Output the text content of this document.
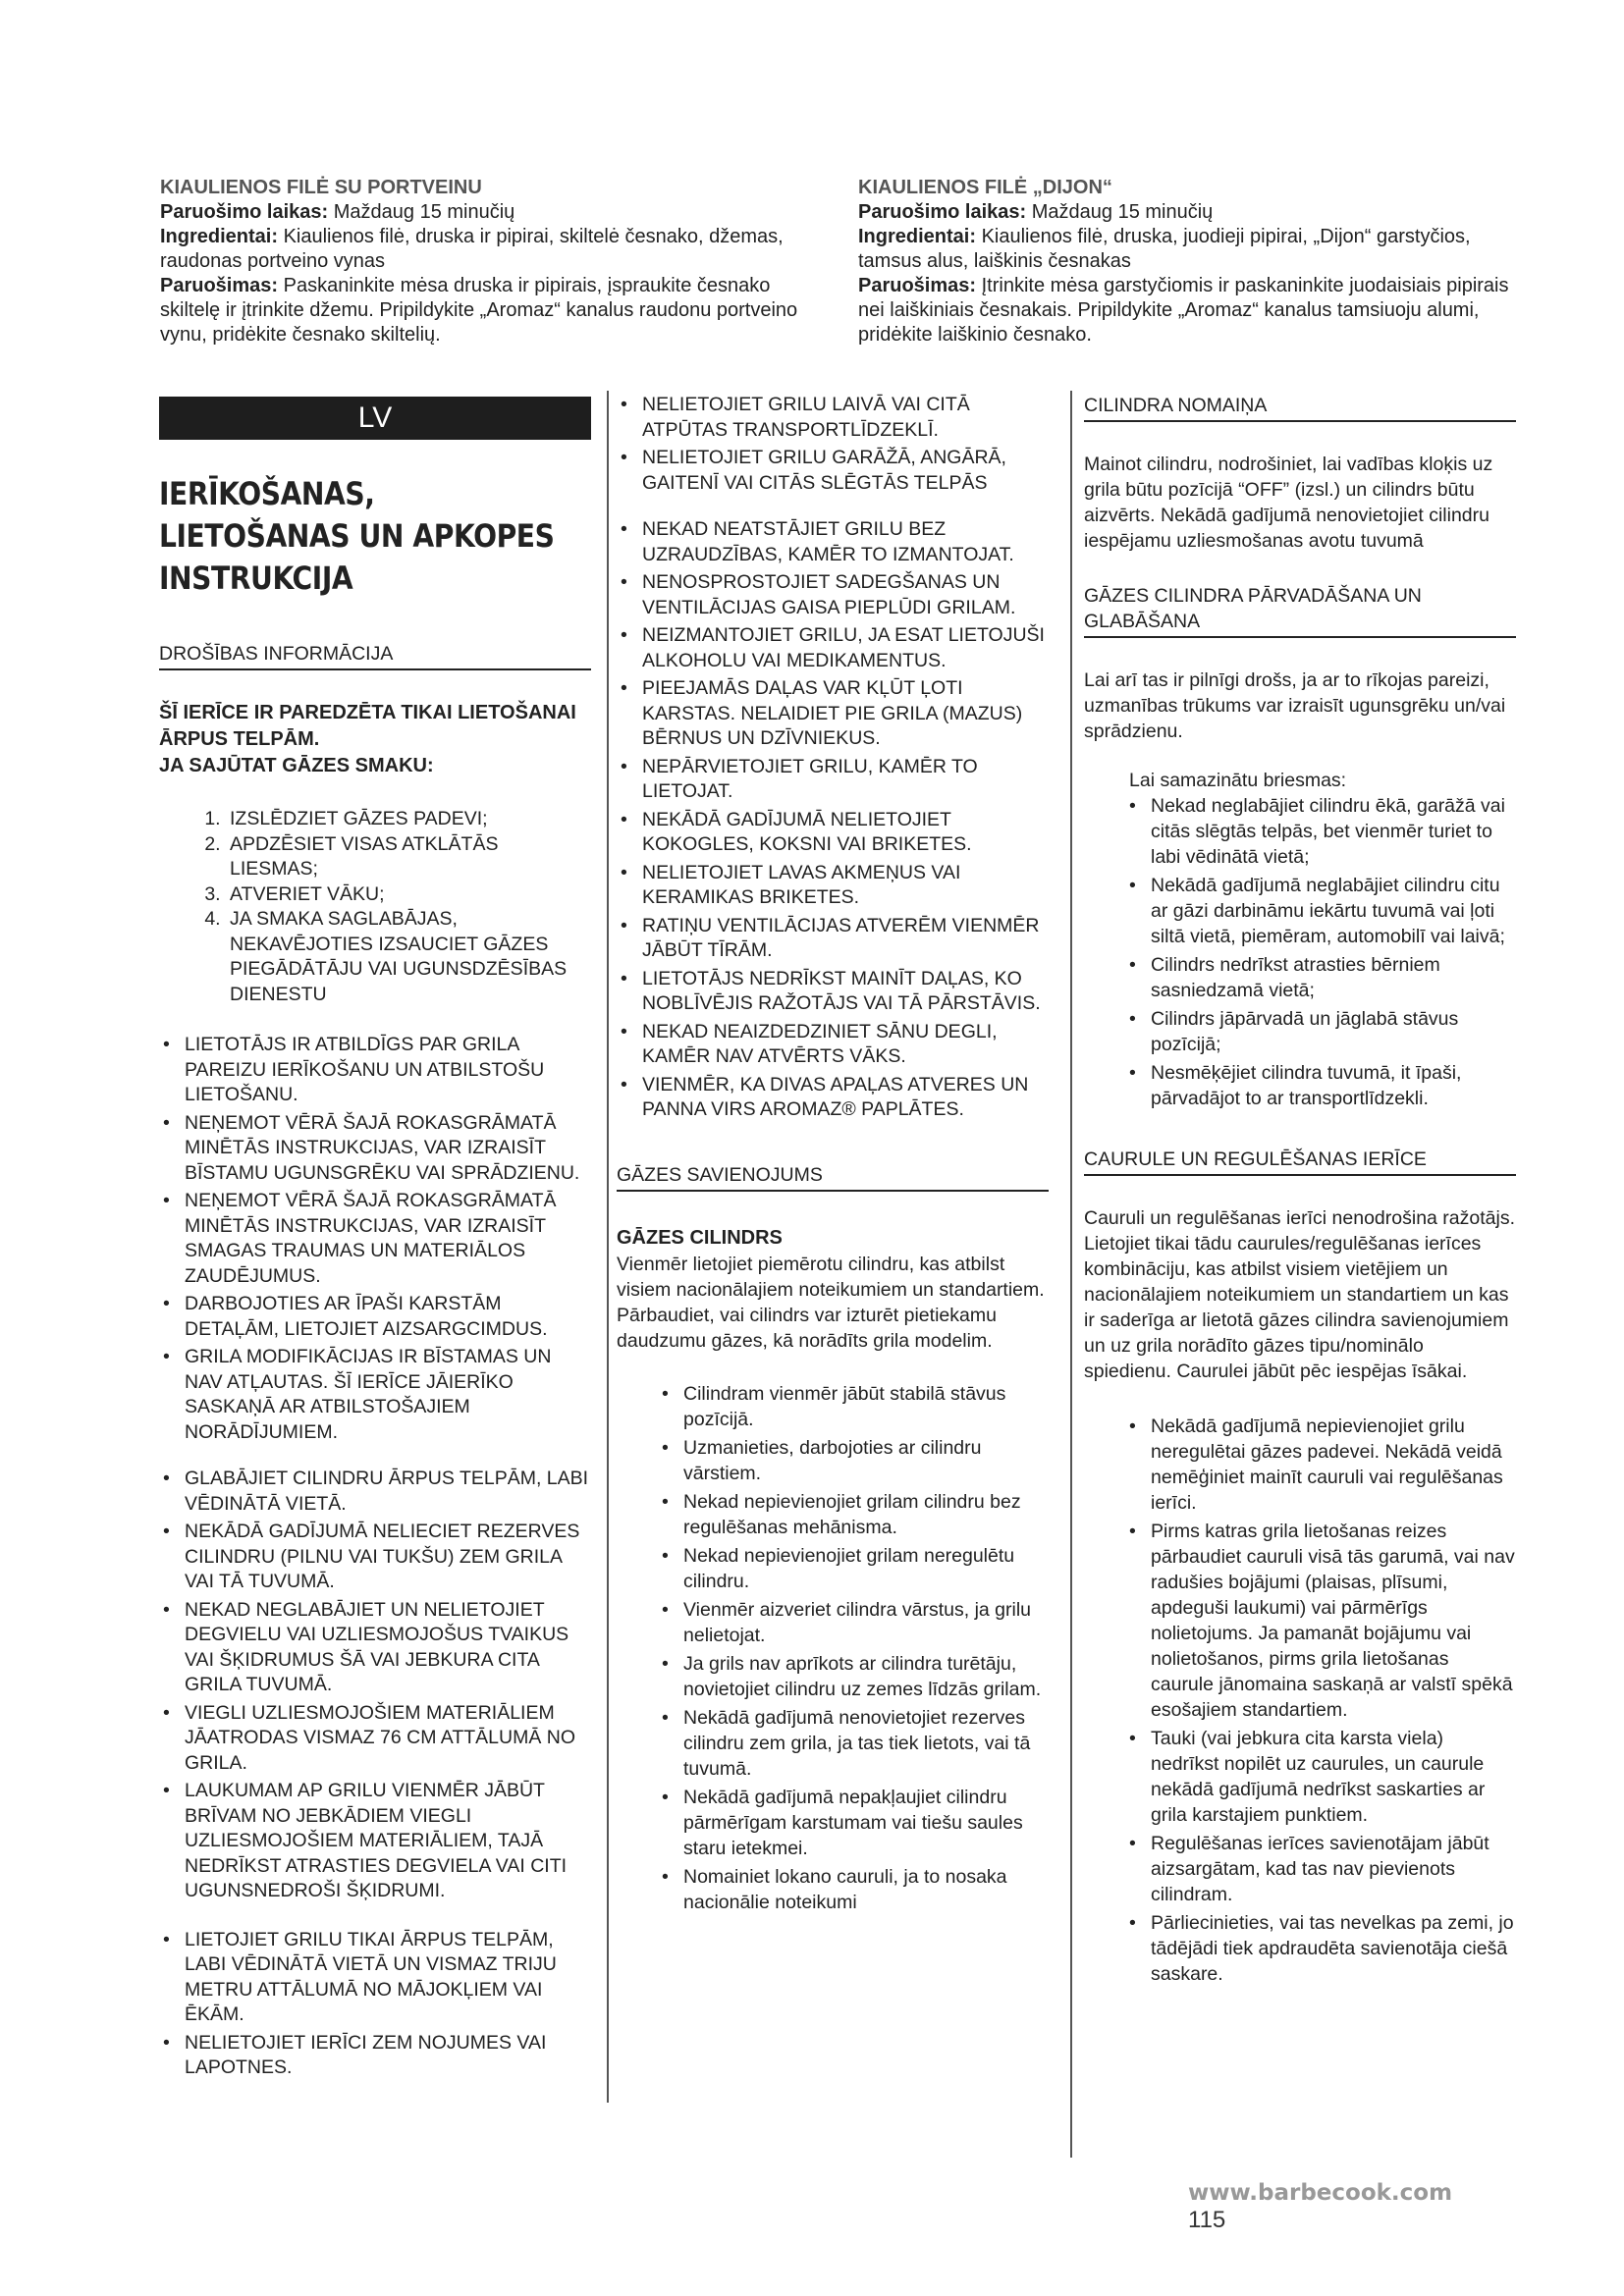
KIAULIENOS FILĖ SU PORTVEINU

Paruošimo laikas: Maždaug 15 minučių

Ingredientai: Kiaulienos filė, druska ir pipirai, skiltelė česnako, džemas, raudonas portveino vynas

Paruošimas: Paskaninkite mėsa druska ir pipirais, įspraukite česnako skiltelę ir įtrinkite džemu. Pripildykite „Aromaz“ kanalus raudonu portveino vynu, pridėkite česnako skiltelių.

KIAULIENOS FILĖ „DIJON“

Paruošimo laikas: Maždaug 15 minučių

Ingredientai: Kiaulienos filė, druska, juodieji pipirai, „Dijon“ garstyčios, tamsus alus, laiškinis česnakas

Paruošimas: Įtrinkite mėsa garstyčiomis ir paskaninkite juodaisiais pipirais nei laiškiniais česnakais. Pripildykite „Aromaz“ kanalus tamsiuoju alumi, pridėkite laiškinio česnako.

LV
IERĪKOŠANAS, LIETOŠANAS UN APKOPES INSTRUKCIJA
DROŠĪBAS INFORMĀCIJA
ŠĪ IERĪCE IR PAREDZĒTA TIKAI LIETOŠANAI ĀRPUS TELPĀM.
JA SAJŪTAT GĀZES SMAKU:
1. IZSLĒDZIET GĀZES PADEVI;
2. APDZĒSIET VISAS ATKLĀTĀS LIESMAS;
3. ATVERIET VĀKU;
4. JA SMAKA SAGLABĀJAS, NEKAVĒJOTIES IZSAUCIET GĀZES PIEGĀDĀTĀJU VAI UGUNSDZĒSĪBAS DIENESTU
• LIETOTĀJS IR ATBILDĪGS PAR GRILA PAREIZU IERĪKOŠANU UN ATBILSTOŠU LIETOŠANU.
• NEŅEMOT VĒRĀ ŠAJĀ ROKASGRĀMATĀ MINĒTĀS INSTRUKCIJAS, VAR IZRAISĪT BĪSTAMU UGUNSGRĒKU VAI SPRĀDZIENU.
• NEŅEMOT VĒRĀ ŠAJĀ ROKASGRĀMATĀ MINĒTĀS INSTRUKCIJAS, VAR IZRAISĪT SMAGAS TRAUMAS UN MATERIĀLOS ZAUDĒJUMUS.
• DARBOJOTIES AR ĪPAŠI KARSTĀM DETAĻĀM, LIETOJIET AIZSARGCIMDUS.
• GRILA MODIFIKĀCIJAS IR BĪSTAMAS UN NAV ATĻAUTAS. ŠĪ IERĪCE JĀIERĪKO SASKAŅĀ AR ATBILSTOŠAJIEM NORĀDĪJUMIEM.
• GLABĀJIET CILINDRU ĀRPUS TELPĀM, LABI VĒDINĀTĀ VIETĀ.
• NEKĀDĀ GADĪJUMĀ NELIECIET REZERVES CILINDRU (PILNU VAI TUKŠU) ZEM GRILA VAI TĀ TUVUMĀ.
• NEKAD NEGLABĀJIET UN NELIETOJIET DEGVIELU VAI UZLIESMOJOŠUS TVAIKUS VAI ŠĶIDRUMUS ŠĀ VAI JEBKURA CITA GRILA TUVUMĀ.
• VIEGLI UZLIESMOJOŠIEM MATERIĀLIEM JĀATRODAS VISMAZ 76 CM ATTĀLUMĀ NO GRILA.
• LAUKUMAM AP GRILU VIENMĒR JĀBŪT BRĪVAM NO JEBKĀDIEM VIEGLI UZLIESMOJOŠIEM MATERIĀLIEM, TAJĀ NEDRĪKST ATRASTIES DEGVIELA VAI CITI UGUNSNEDROŠI ŠĶIDRUMI.
• LIETOJIET GRILU TIKAI ĀRPUS TELPĀM, LABI VĒDINĀTĀ VIETĀ UN VISMAZ TRIJU METRU ATTĀLUMĀ NO MĀJOKĻIEM VAI ĒKĀM.
• NELIETOJIET IERĪCI ZEM NOJUMES VAI LAPOTNES.
• NELIETOJIET GRILU LAIVĀ VAI CITĀ ATPŪTAS TRANSPORTLĪDZEKLĪ.
• NELIETOJIET GRILU GARĀŽĀ, ANGĀRĀ, GAITENĪ VAI CITĀS SLĒGTĀS TELPĀS
• NEKAD NEATSTĀJIET GRILU BEZ UZRAUDZĪBAS, KAMĒR TO IZMANTOJAT.
• NENOSPROSTOJIET SADEGŠANAS UN VENTILĀCIJAS GAISA PIEPLŪDI GRILAM.
• NEIZMANTOJIET GRILU, JA ESAT LIETOJUŠI ALKOHOLU VAI MEDIKAMENTUS.
• PIEEJAMĀS DAĻAS VAR KĻŪT ĻOTI KARSTAS. NELAIDIET PIE GRILA (MAZUS) BĒRNUS UN DZĪVNIEKUS.
• NEPĀRVIETOJIET GRILU, KAMĒR TO LIETOJAT.
• NEKĀDĀ GADĪJUMĀ NELIETOJIET KOKOGLES, KOKSNI VAI BRIKETES.
• NELIETOJIET LAVAS AKMEŅUS VAI KERAMIKAS BRIKETES.
• RATIŅU VENTILĀCIJAS ATVERĒM VIENMĒR JĀBŪT TĪRĀM.
• LIETOTĀJS NEDRĪKST MAINĪT DAĻAS, KO NOBLĪVĒJIS RAŽOTĀJS VAI TĀ PĀRSTĀVIS.
• NEKAD NEAIZDEDZINIET SĀNU DEGLI, KAMĒR NAV ATVĒRTS VĀKS.
• VIENMĒR, KA DIVAS APAĻAS ATVERES UN PANNA VIRS AROMAZ® PAPLĀTES.
GĀZES SAVIENOJUMS
GĀZES CILINDRS
Vienmēr lietojiet piemērotu cilindru, kas atbilst visiem nacionālajiem noteikumiem un standartiem. Pārbaudiet, vai cilindrs var izturēt pietiekamu daudzumu gāzes, kā norādīts grila modelim.
• Cilindram vienmēr jābūt stabilā stāvus pozīcijā.
• Uzmanieties, darbojoties ar cilindru vārstiem.
• Nekad nepievienojiet grilam cilindru bez regulēšanas mehānisma.
• Nekad nepievienojiet grilam neregulētu cilindru.
• Vienmēr aizveriet cilindra vārstus, ja grilu nelietojat.
• Ja grils nav aprīkots ar cilindra turētāju, novietojiet cilindru uz zemes līdzās grilam.
• Nekādā gadījumā nenovietojiet rezerves cilindru zem grila, ja tas tiek lietots, vai tā tuvumā.
• Nekādā gadījumā nepakļaujiet cilindru pārmērīgam karstumam vai tiešu saules staru ietekmei.
• Nomainiet lokano cauruli, ja to nosaka nacionālie noteikumi
CILINDRA NOMAIŅA
Mainot cilindru, nodrošiniet, lai vadības kloķis uz grila būtu pozīcijā “OFF” (izsl.) un cilindrs būtu aizvērts. Nekādā gadījumā nenovietojiet cilindru iespējamu uzliesmošanas avotu tuvumā
GĀZES CILINDRA PĀRVADĀŠANA UN GLABĀŠANA
Lai arī tas ir pilnīgi drošs, ja ar to rīkojas pareizi, uzmanības trūkums var izraisīt ugunsgrēku un/vai sprādzienu.
Lai samazinātu briesmas:
• Nekad neglabājiet cilindru ēkā, garāžā vai citās slēgtās telpās, bet vienmēr turiet to labi vēdinātā vietā;
• Nekādā gadījumā neglabājiet cilindru citu ar gāzi darbināmu iekārtu tuvumā vai ļoti siltā vietā, piemēram, automobilī vai laivā;
• Cilindrs nedrīkst atrasties bērniem sasniedzamā vietā;
• Cilindrs jāpārvadā un jāglabā stāvus pozīcijā;
• Nesmēķējiet cilindra tuvumā, it īpaši, pārvadājot to ar transportlīdzekli.
CAURULE UN REGULĒŠANAS IERĪCE
Cauruli un regulēšanas ierīci nenodrošina ražotājs. Lietojiet tikai tādu caurules/regulēšanas ierīces kombināciju, kas atbilst visiem vietējiem un nacionālajiem noteikumiem un standartiem un kas ir saderīga ar lietotā gāzes cilindra savienojumiem un uz grila norādīto gāzes tipu/nominālo spiedienu. Caurulei jābūt pēc iespējas īsākai.
• Nekādā gadījumā nepievienojiet grilu neregulētai gāzes padevei. Nekādā veidā nemēģiniet mainīt cauruli vai regulēšanas ierīci.
• Pirms katras grila lietošanas reizes pārbaudiet cauruli visā tās garumā, vai nav radušies bojājumi (plaisas, plīsumi, apdeguši laukumi) vai pārmērīgs nolietojums. Ja pamanāt bojājumu vai nolietošanos, pirms grila lietošanas caurule jānomaina saskaņā ar valstī spēkā esošajiem standartiem.
• Tauki (vai jebkura cita karsta viela) nedrīkst nopilēt uz caurules, un caurule nekādā gadījumā nedrīkst saskarties ar grila karstajiem punktiem.
• Regulēšanas ierīces savienotājam jābūt aizsargātam, kad tas nav pievienots cilindram.
• Pārliecinieties, vai tas nevelkas pa zemi, jo tādējādi tiek apdraudēta savienotāja ciešā saskare.
www.barbecook.com 115
